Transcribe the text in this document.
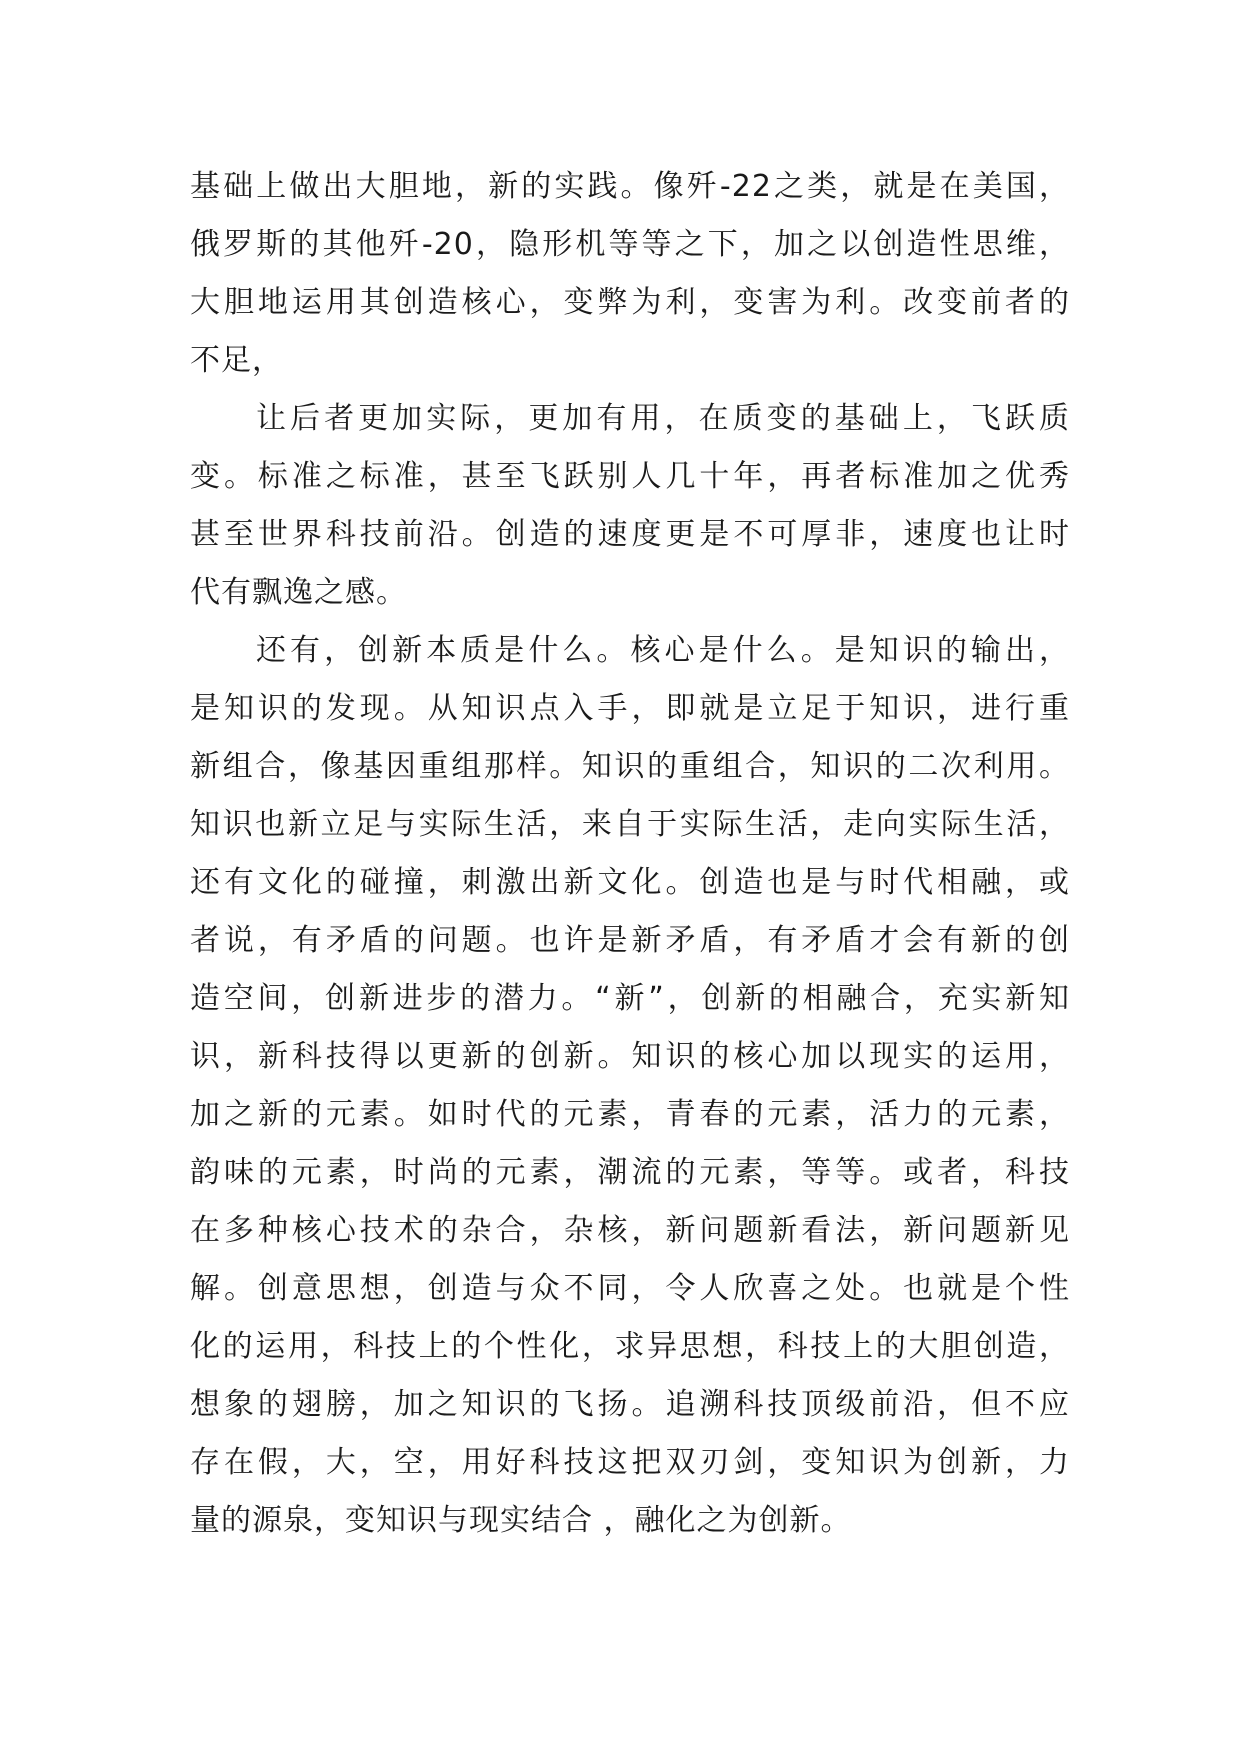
基础上做出大胆地，新的实践。像歼-22之类，就是在美国，
俄罗斯的其他歼-20，隐形机等等之下，加之以创造性思维，
大胆地运用其创造核心，变弊为利，变害为利。改变前者的
不足，
让后者更加实际，更加有用，在质变的基础上，飞跃质
变。标准之标准，甚至飞跃别人几十年，再者标准加之优秀
甚至世界科技前沿。创造的速度更是不可厚非，速度也让时
代有飘逸之感。
还有，创新本质是什么。核心是什么。是知识的输出，
是知识的发现。从知识点入手，即就是立足于知识，进行重
新组合，像基因重组那样。知识的重组合，知识的二次利用。
知识也新立足与实际生活，来自于实际生活，走向实际生活，
还有文化的碰撞，刺激出新文化。创造也是与时代相融，或
者说，有矛盾的问题。也许是新矛盾，有矛盾才会有新的创
造空间，创新进步的潜力。“新”，创新的相融合，充实新知
识，新科技得以更新的创新。知识的核心加以现实的运用，
加之新的元素。如时代的元素，青春的元素，活力的元素，
韵味的元素，时尚的元素，潮流的元素，等等。或者，科技
在多种核心技术的杂合，杂核，新问题新看法，新问题新见
解。创意思想，创造与众不同，令人欣喜之处。也就是个性
化的运用，科技上的个性化，求异思想，科技上的大胆创造，
想象的翅膀，加之知识的飞扬。追溯科技顶级前沿，但不应
存在假，大，空，用好科技这把双刃剑，变知识为创新，力
量的源泉，变知识与现实结合 ，融化之为创新。
